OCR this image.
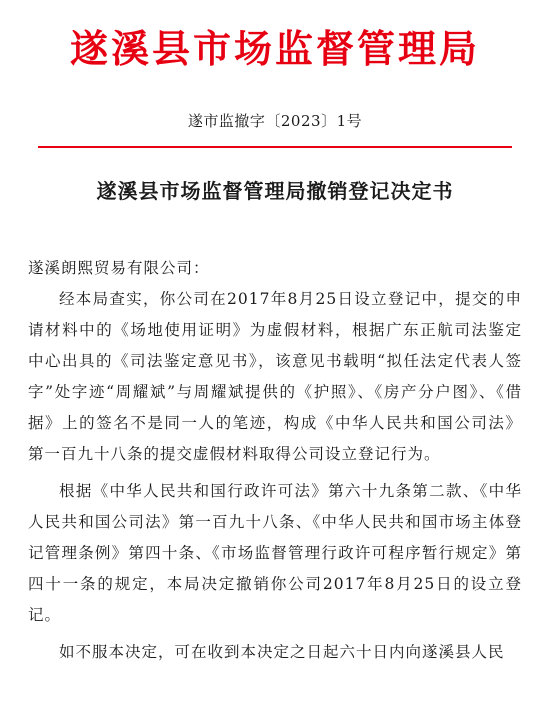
遂溪县市场监督管理局
遂市监撤字〔2023〕1号
遂溪县市场监督管理局撤销登记决定书

遂溪朗熙贸易有限公司：

经本局查实，你公司在2017年8月25日设立登记中，提交的申请材料中的《场地使用证明》为虚假材料，根据广东正航司法鉴定中心出具的《司法鉴定意见书》，该意见书载明“拟任法定代表人签字”处字迹“周耀斌”与周耀斌提供的《护照》、《房产分户图》、《借据》上的签名不是同一人的笔迹，构成《中华人民共和国公司法》第一百九十八条的提交虚假材料取得公司设立登记行为。

根据《中华人民共和国行政许可法》第六十九条第二款、《中华人民共和国公司法》第一百九十八条、《中华人民共和国市场主体登记管理条例》第四十条、《市场监督管理行政许可程序暂行规定》第四十一条的规定，本局决定撤销你公司2017年8月25日的设立登记。

如不服本决定，可在收到本决定之日起六十日内向遂溪县人民
